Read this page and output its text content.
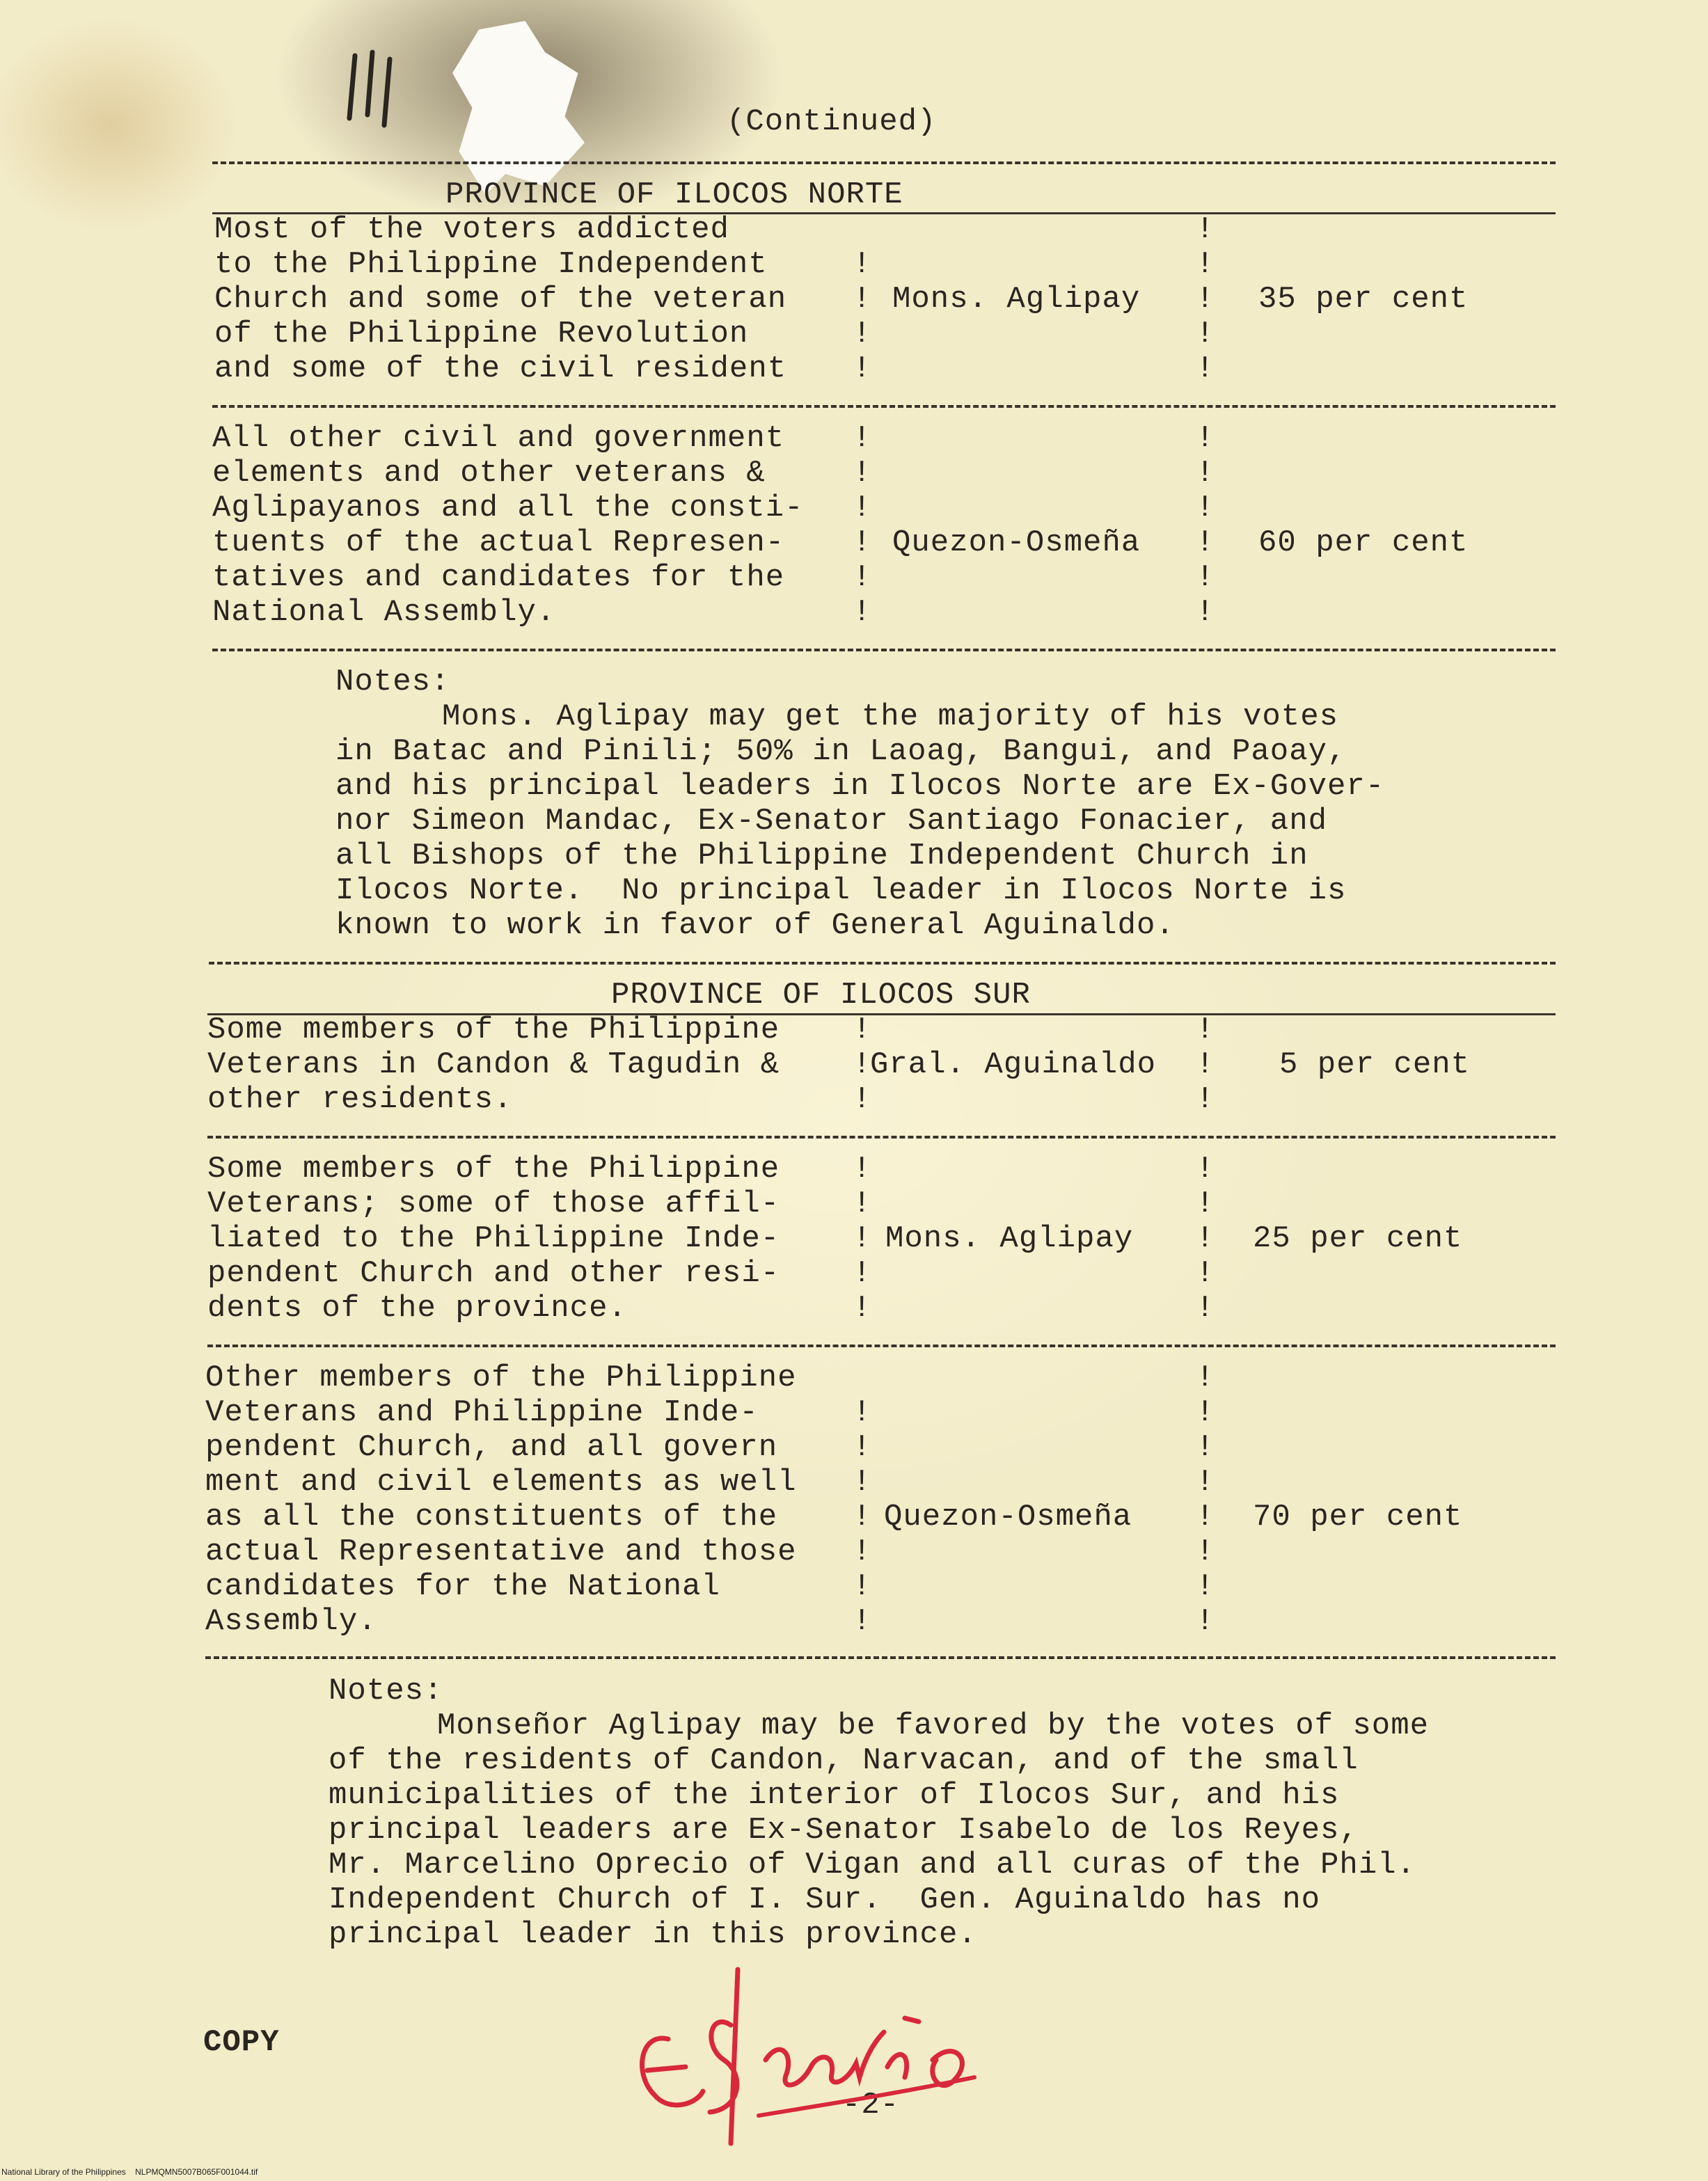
(Continued)
PROVINCE OF ILOCOS NORTE
Most of the voters addicted
to the Philippine Independent
Church and some of the veteran
of the Philippine Revolution
and some of the civil resident
!
!
!
!
!
!
!
!
!
Mons. Aglipay	35 per cent
All other civil and government
elements and other veterans &
Aglipayanos and all the consti-
tuents of the actual Represen-
tatives and candidates for the
National Assembly.
!
!
!
!
!
!
!
!
!
!
!
!
Quezon-Osmeña	60 per cent
Notes:
Mons. Aglipay may get the majority of his votes
in Batac and Pinili; 50% in Laoag, Bangui, and Paoay,
and his principal leaders in Ilocos Norte are Ex-Gover-
nor Simeon Mandac, Ex-Senator Santiago Fonacier, and
all Bishops of the Philippine Independent Church in
Ilocos Norte.  No principal leader in Ilocos Norte is
known to work in favor of General Aguinaldo.
PROVINCE OF ILOCOS SUR
Some members of the Philippine
Veterans in Candon & Tagudin &
other residents.
!
!
!
!
!
!
Gral. Aguinaldo	5 per cent
Some members of the Philippine
Veterans; some of those affil-
liated to the Philippine Inde-
pendent Church and other resi-
dents of the province.
!
!
!
!
!
!
!
!
!
!
Mons. Aglipay	25 per cent
Other members of the Philippine
Veterans and Philippine Inde-
pendent Church, and all govern
ment and civil elements as well
as all the constituents of the
actual Representative and those
candidates for the National
Assembly.
!
!
!
!
!
!
!
!
!
!
!
!
!
!
!
Quezon-Osmeña	70 per cent
Notes:
Monseñor Aglipay may be favored by the votes of some
of the residents of Candon, Narvacan, and of the small
municipalities of the interior of Ilocos Sur, and his
principal leaders are Ex-Senator Isabelo de los Reyes,
Mr. Marcelino Oprecio of Vigan and all curas of the Phil.
Independent Church of I. Sur.  Gen. Aguinaldo has no
principal leader in this province.
COPY
-2-
National Library of the Philippines    NLPMQMN5007B065F001044.tif
